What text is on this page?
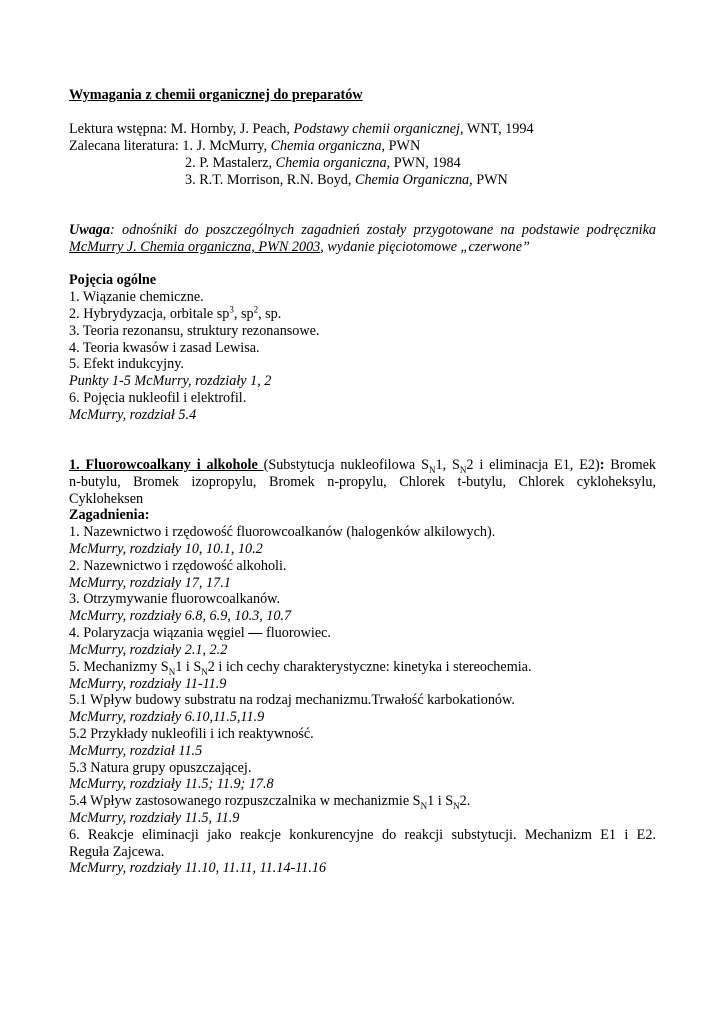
Wymagania z chemii organicznej do preparatów
Lektura wstępna: M. Hornby, J. Peach, Podstawy chemii organicznej, WNT, 1994
Zalecana literatura: 1. J. McMurry, Chemia organiczna, PWN
2. P. Mastalerz, Chemia organiczna, PWN, 1984
3. R.T. Morrison, R.N. Boyd, Chemia Organiczna, PWN
Uwaga: odnośniki do poszczególnych zagadnień zostały przygotowane na podstawie podręcznika
McMurry J. Chemia organiczna, PWN 2003, wydanie pięciotomowe „czerwone”
Pojęcia ogólne
1. Wiązanie chemiczne.
2. Hybrydyzacja, orbitale $sp^3$, $sp^2$, sp.
3. Teoria rezonansu, struktury rezonansowe.
4. Teoria kwasów i zasad Lewisa.
5. Efekt indukcyjny.
Punkty 1-5 McMurry, rozdziały 1, 2
6. Pojęcia nukleofil i elektrofil.
McMurry, rozdział 5.4
1. Fluorowcoalkany i alkohole (Substytucja nukleofilowa $S_N1$, $S_N2$ i eliminacja E1, E2): Bromek
n-butylu, Bromek izopropylu, Bromek n-propylu, Chlorek t-butylu, Chlorek cykloheksylu,
Cykloheksen
Zagadnienia:
1. Nazewnictwo i rzędowość fluorowcoalkanów (halogenków alkilowych).
McMurry, rozdziały 10, 10.1, 10.2
2. Nazewnictwo i rzędowość alkoholi.
McMurry, rozdziały 17, 17.1
3. Otrzymywanie fluorowcoalkanów.
McMurry, rozdziały 6.8, 6.9, 10.3, 10.7
4. Polaryzacja wiązania węgiel — fluorowiec.
McMurry, rozdziały 2.1, 2.2
5. Mechanizmy $S_N1$ i $S_N2$ i ich cechy charakterystyczne: kinetyka i stereochemia.
McMurry, rozdziały 11-11.9
5.1 Wpływ budowy substratu na rodzaj mechanizmu.Trwałość karbokationów.
McMurry, rozdziały 6.10,11.5,11.9
5.2 Przykłady nukleofili i ich reaktywność.
McMurry, rozdział 11.5
5.3 Natura grupy opuszczającej.
McMurry, rozdziały 11.5; 11.9; 17.8
5.4 Wpływ zastosowanego rozpuszczalnika w mechanizmie $S_N1$ i $S_N2$.
McMurry, rozdziały 11.5, 11.9
6. Reakcje eliminacji jako reakcje konkurencyjne do reakcji substytucji. Mechanizm E1 i E2.
Reguła Zajcewa.
McMurry, rozdziały 11.10, 11.11, 11.14-11.16
